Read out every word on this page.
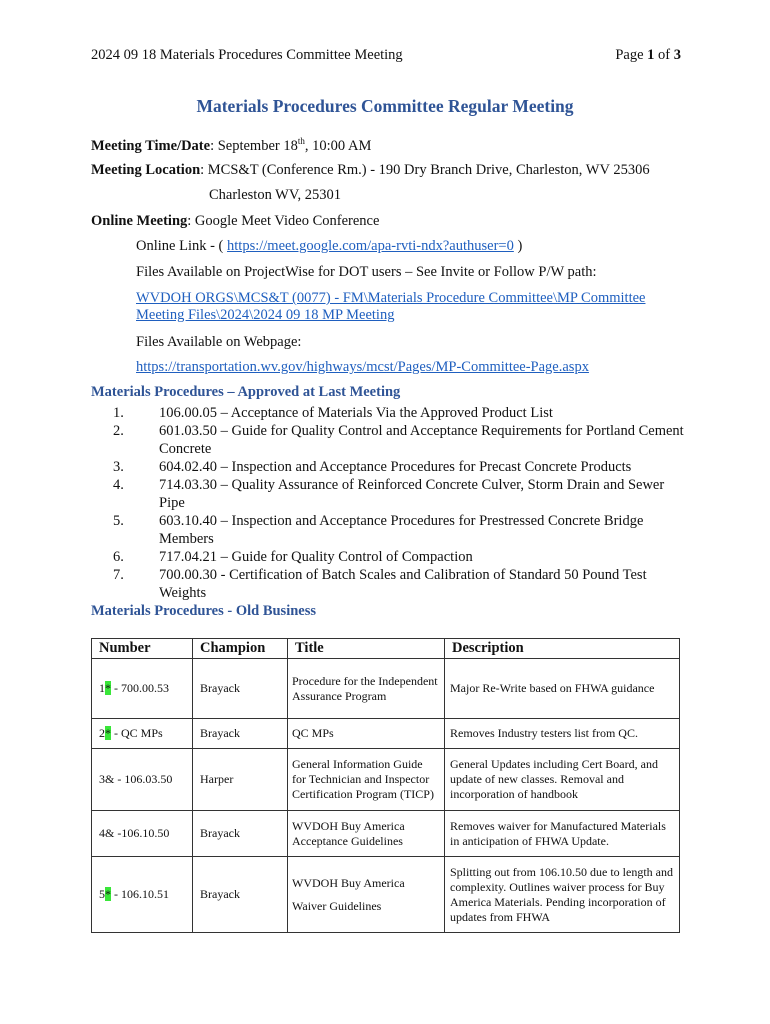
2024 09 18 Materials Procedures Committee Meeting	Page 1 of 3
Materials Procedures Committee Regular Meeting
Meeting Time/Date: September 18th, 10:00 AM
Meeting Location: MCS&T (Conference Rm.) - 190 Dry Branch Drive, Charleston, WV 25306
Charleston WV, 25301
Online Meeting: Google Meet Video Conference
Online Link - ( https://meet.google.com/apa-rvti-ndx?authuser=0 )
Files Available on ProjectWise for DOT users – See Invite or Follow P/W path:
WVDOH ORGS\MCS&T (0077) - FM\Materials Procedure Committee\MP Committee
Meeting Files\2024\2024 09 18 MP Meeting
Files Available on Webpage:
https://transportation.wv.gov/highways/mcst/Pages/MP-Committee-Page.aspx
Materials Procedures – Approved at Last Meeting
1. 106.00.05 – Acceptance of Materials Via the Approved Product List
2. 601.03.50 – Guide for Quality Control and Acceptance Requirements for Portland Cement Concrete
3. 604.02.40 – Inspection and Acceptance Procedures for Precast Concrete Products
4. 714.03.30 – Quality Assurance of Reinforced Concrete Culver, Storm Drain and Sewer Pipe
5. 603.10.40 – Inspection and Acceptance Procedures for Prestressed Concrete Bridge Members
6. 717.04.21 – Guide for Quality Control of Compaction
7. 700.00.30 - Certification of Batch Scales and Calibration of Standard 50 Pound Test Weights
Materials Procedures - Old Business
Number	Champion	Title	Description
1* - 700.00.53	Brayack	Procedure for the Independent Assurance Program	Major Re-Write based on FHWA guidance
2* - QC MPs	Brayack	QC MPs	Removes Industry testers list from QC.
3& - 106.03.50	Harper	General Information Guide for Technician and Inspector Certification Program (TICP)	General Updates including Cert Board, and update of new classes. Removal and incorporation of handbook
4& -106.10.50	Brayack	WVDOH Buy America Acceptance Guidelines	Removes waiver for Manufactured Materials in anticipation of FHWA Update.
5* - 106.10.51	Brayack	WVDOH Buy America
Waiver Guidelines	Splitting out from 106.10.50 due to length and complexity. Outlines waiver process for Buy America Materials. Pending incorporation of updates from FHWA
